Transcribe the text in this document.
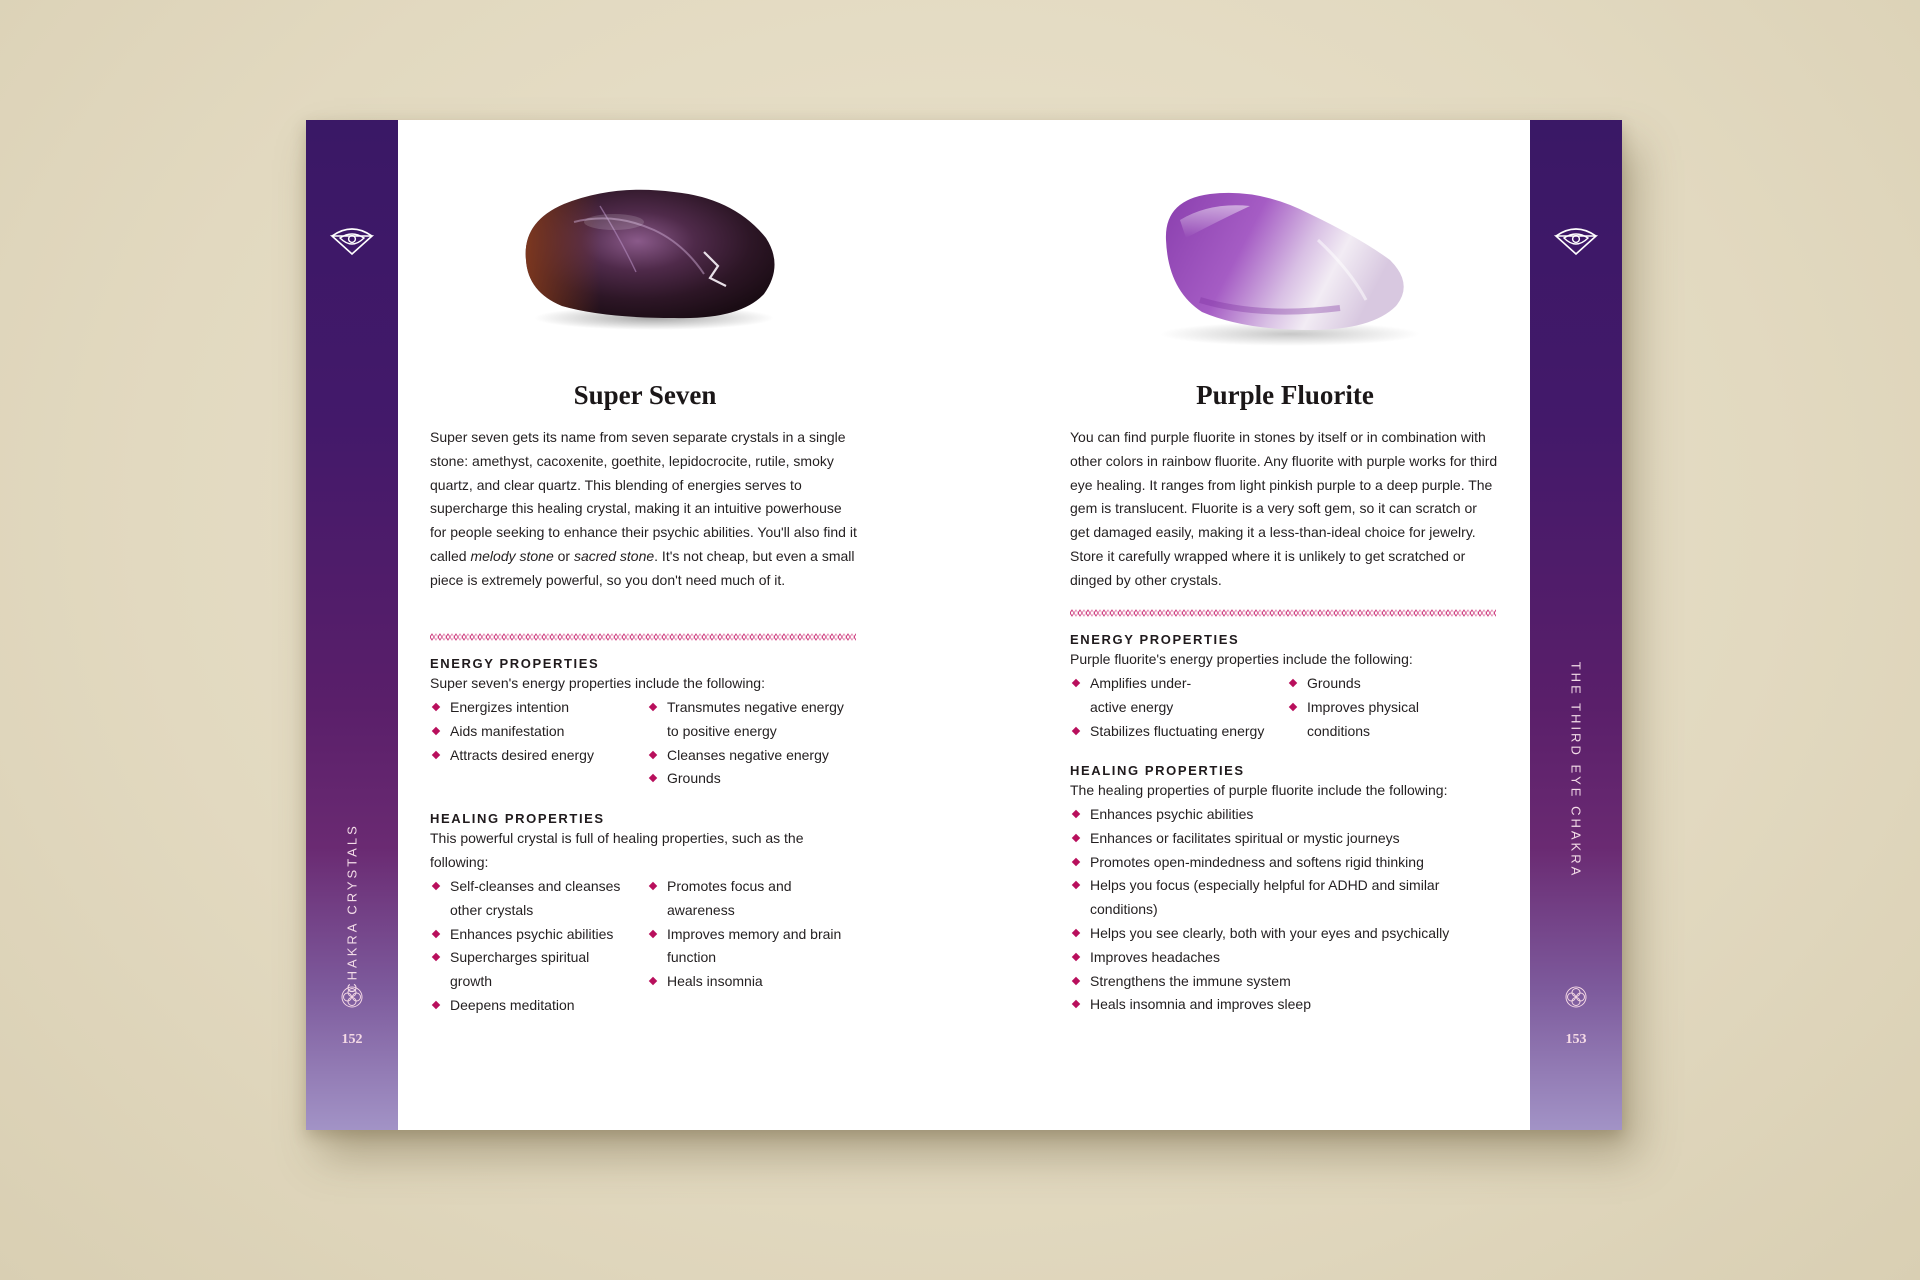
CHAKRA CRYSTALS
152
THE THIRD EYE CHAKRA
153
Super Seven
Super seven gets its name from seven separate crystals in a single stone: amethyst, cacoxenite, goethite, lepidocrocite, rutile, smoky quartz, and clear quartz. This blending of energies serves to supercharge this healing crystal, making it an intuitive powerhouse for people seeking to enhance their psychic abilities. You'll also find it called melody stone or sacred stone. It's not cheap, but even a small piece is extremely powerful, so you don't need much of it.
ENERGY PROPERTIES
Super seven's energy properties include the following:
Energizes intention
Aids manifestation
Attracts desired energy
Transmutes negative energy to positive energy
Cleanses negative energy
Grounds
HEALING PROPERTIES
This powerful crystal is full of healing properties, such as the following:
Self-cleanses and cleanses other crystals
Enhances psychic abilities
Supercharges spiritual growth
Deepens meditation
Promotes focus and awareness
Improves memory and brain function
Heals insomnia
Purple Fluorite
You can find purple fluorite in stones by itself or in combination with other colors in rainbow fluorite. Any fluorite with purple works for third eye healing. It ranges from light pinkish purple to a deep purple. The gem is translucent. Fluorite is a very soft gem, so it can scratch or get damaged easily, making it a less-than-ideal choice for jewelry. Store it carefully wrapped where it is unlikely to get scratched or dinged by other crystals.
ENERGY PROPERTIES
Purple fluorite's energy properties include the following:
Amplifies under-active energy
Stabilizes fluctuating energy
Grounds
Improves physical conditions
HEALING PROPERTIES
The healing properties of purple fluorite include the following:
Enhances psychic abilities
Enhances or facilitates spiritual or mystic journeys
Promotes open-mindedness and softens rigid thinking
Helps you focus (especially helpful for ADHD and similar conditions)
Helps you see clearly, both with your eyes and psychically
Improves headaches
Strengthens the immune system
Heals insomnia and improves sleep
